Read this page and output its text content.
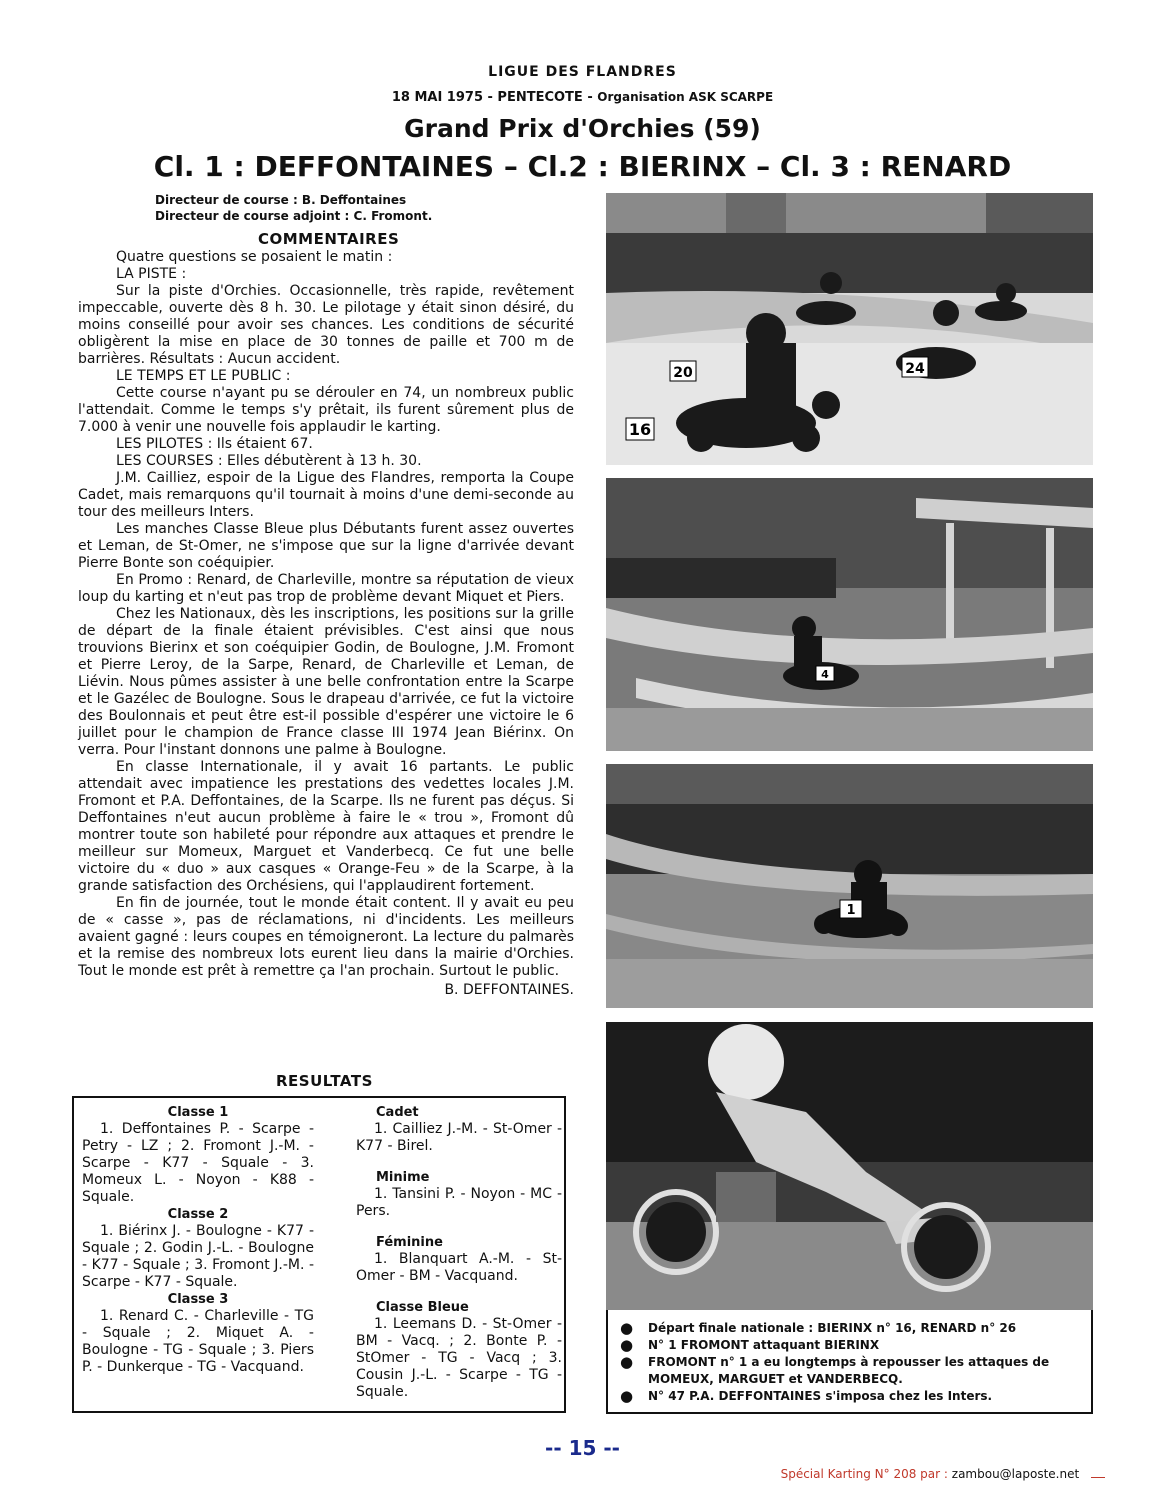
LIGUE DES FLANDRES
18 MAI 1975 - PENTECOTE - Organisation ASK SCARPE
Grand Prix d'Orchies (59)
Cl. 1 : DEFFONTAINES – Cl.2 : BIERINX – Cl. 3 : RENARD
Directeur de course : B. Deffontaines
Directeur de course adjoint : C. Fromont.
COMMENTAIRES

Quatre questions se posaient le matin :

LA PISTE :

Sur la piste d'Orchies. Occasionnelle, très rapide, revêtement impeccable, ouverte dès 8 h. 30. Le pilotage y était sinon désiré, du moins conseillé pour avoir ses chances. Les conditions de sécurité obligèrent la mise en place de 30 tonnes de paille et 700 m de barrières. Résultats : Aucun accident.

LE TEMPS ET LE PUBLIC :

Cette course n'ayant pu se dérouler en 74, un nombreux public l'attendait. Comme le temps s'y prêtait, ils furent sûrement plus de 7.000 à venir une nouvelle fois applaudir le karting.

LES PILOTES : Ils étaient 67.

LES COURSES : Elles débutèrent à 13 h. 30.

J.M. Cailliez, espoir de la Ligue des Flandres, remporta la Coupe Cadet, mais remarquons qu'il tournait à moins d'une demi-seconde au tour des meilleurs Inters.

Les manches Classe Bleue plus Débutants furent assez ouvertes et Leman, de St-Omer, ne s'impose que sur la ligne d'arrivée devant Pierre Bonte son coéquipier.

En Promo : Renard, de Charleville, montre sa réputation de vieux loup du karting et n'eut pas trop de problème devant Miquet et Piers.

Chez les Nationaux, dès les inscriptions, les positions sur la grille de départ de la finale étaient prévisibles. C'est ainsi que nous trouvions Bierinx et son coéquipier Godin, de Boulogne, J.M. Fromont et Pierre Leroy, de la Sarpe, Renard, de Charleville et Leman, de Liévin. Nous pûmes assister à une belle confrontation entre la Scarpe et le Gazélec de Boulogne. Sous le drapeau d'arrivée, ce fut la victoire des Boulonnais et peut être est-il possible d'espérer une victoire le 6 juillet pour le champion de France classe III 1974 Jean Biérinx. On verra. Pour l'instant donnons une palme à Boulogne.

En classe Internationale, il y avait 16 partants. Le public attendait avec impatience les prestations des vedettes locales J.M. Fromont et P.A. Deffontaines, de la Scarpe. Ils ne furent pas déçus. Si Deffontaines n'eut aucun problème à faire le « trou », Fromont dû montrer toute son habileté pour répondre aux attaques et prendre le meilleur sur Momeux, Marguet et Vanderbecq. Ce fut une belle victoire du « duo » aux casques « Orange-Feu » de la Scarpe, à la grande satisfaction des Orchésiens, qui l'applaudirent fortement.

En fin de journée, tout le monde était content. Il y avait eu peu de « casse », pas de réclamations, ni d'incidents. Les meilleurs avaient gagné : leurs coupes en témoigneront. La lecture du palmarès et la remise des nombreux lots eurent lieu dans la mairie d'Orchies. Tout le monde est prêt à remettre ça l'an prochain. Surtout le public.

B. DEFFONTAINES.

RESULTATS
Classe 1

1. Deffontaines P. - Scarpe - Petry - LZ ; 2. Fromont J.-M. - Scarpe - K77 - Squale - 3. Momeux L. - Noyon - K88 - Squale.

Classe 2

1. Biérinx J. - Boulogne - K77 - Squale ; 2. Godin J.-L. - Boulogne - K77 - Squale ; 3. Fromont J.-M. - Scarpe - K77 - Squale.

Classe 3

1. Renard C. - Charleville - TG - Squale ; 2. Miquet A. - Boulogne - TG - Squale ; 3. Piers P. - Dunkerque - TG - Vacquand.

Cadet

1. Cailliez J.-M. - St-Omer - K77 - Birel.

Minime

1. Tansini P. - Noyon - MC - Pers.

Féminine

1. Blanquart A.-M. - St-Omer - BM - Vacquand.

Classe Bleue

1. Leemans D. - St-Omer - BM - Vacq. ; 2. Bonte P. - StOmer - TG - Vacq ; 3. Cousin J.-L. - Scarpe - TG - Squale.

16
20	24
4
1
●	Départ finale nationale : BIERINX n° 16, RENARD n° 26
●	N° 1 FROMONT attaquant BIERINX
●	FROMONT n° 1 a eu longtemps à repousser les attaques de MOMEUX, MARGUET et VANDERBECQ.
●	N° 47 P.A. DEFFONTAINES s'imposa chez les Inters.
-- 15 --
Spécial Karting N° 208 par : zambou@laposte.net
